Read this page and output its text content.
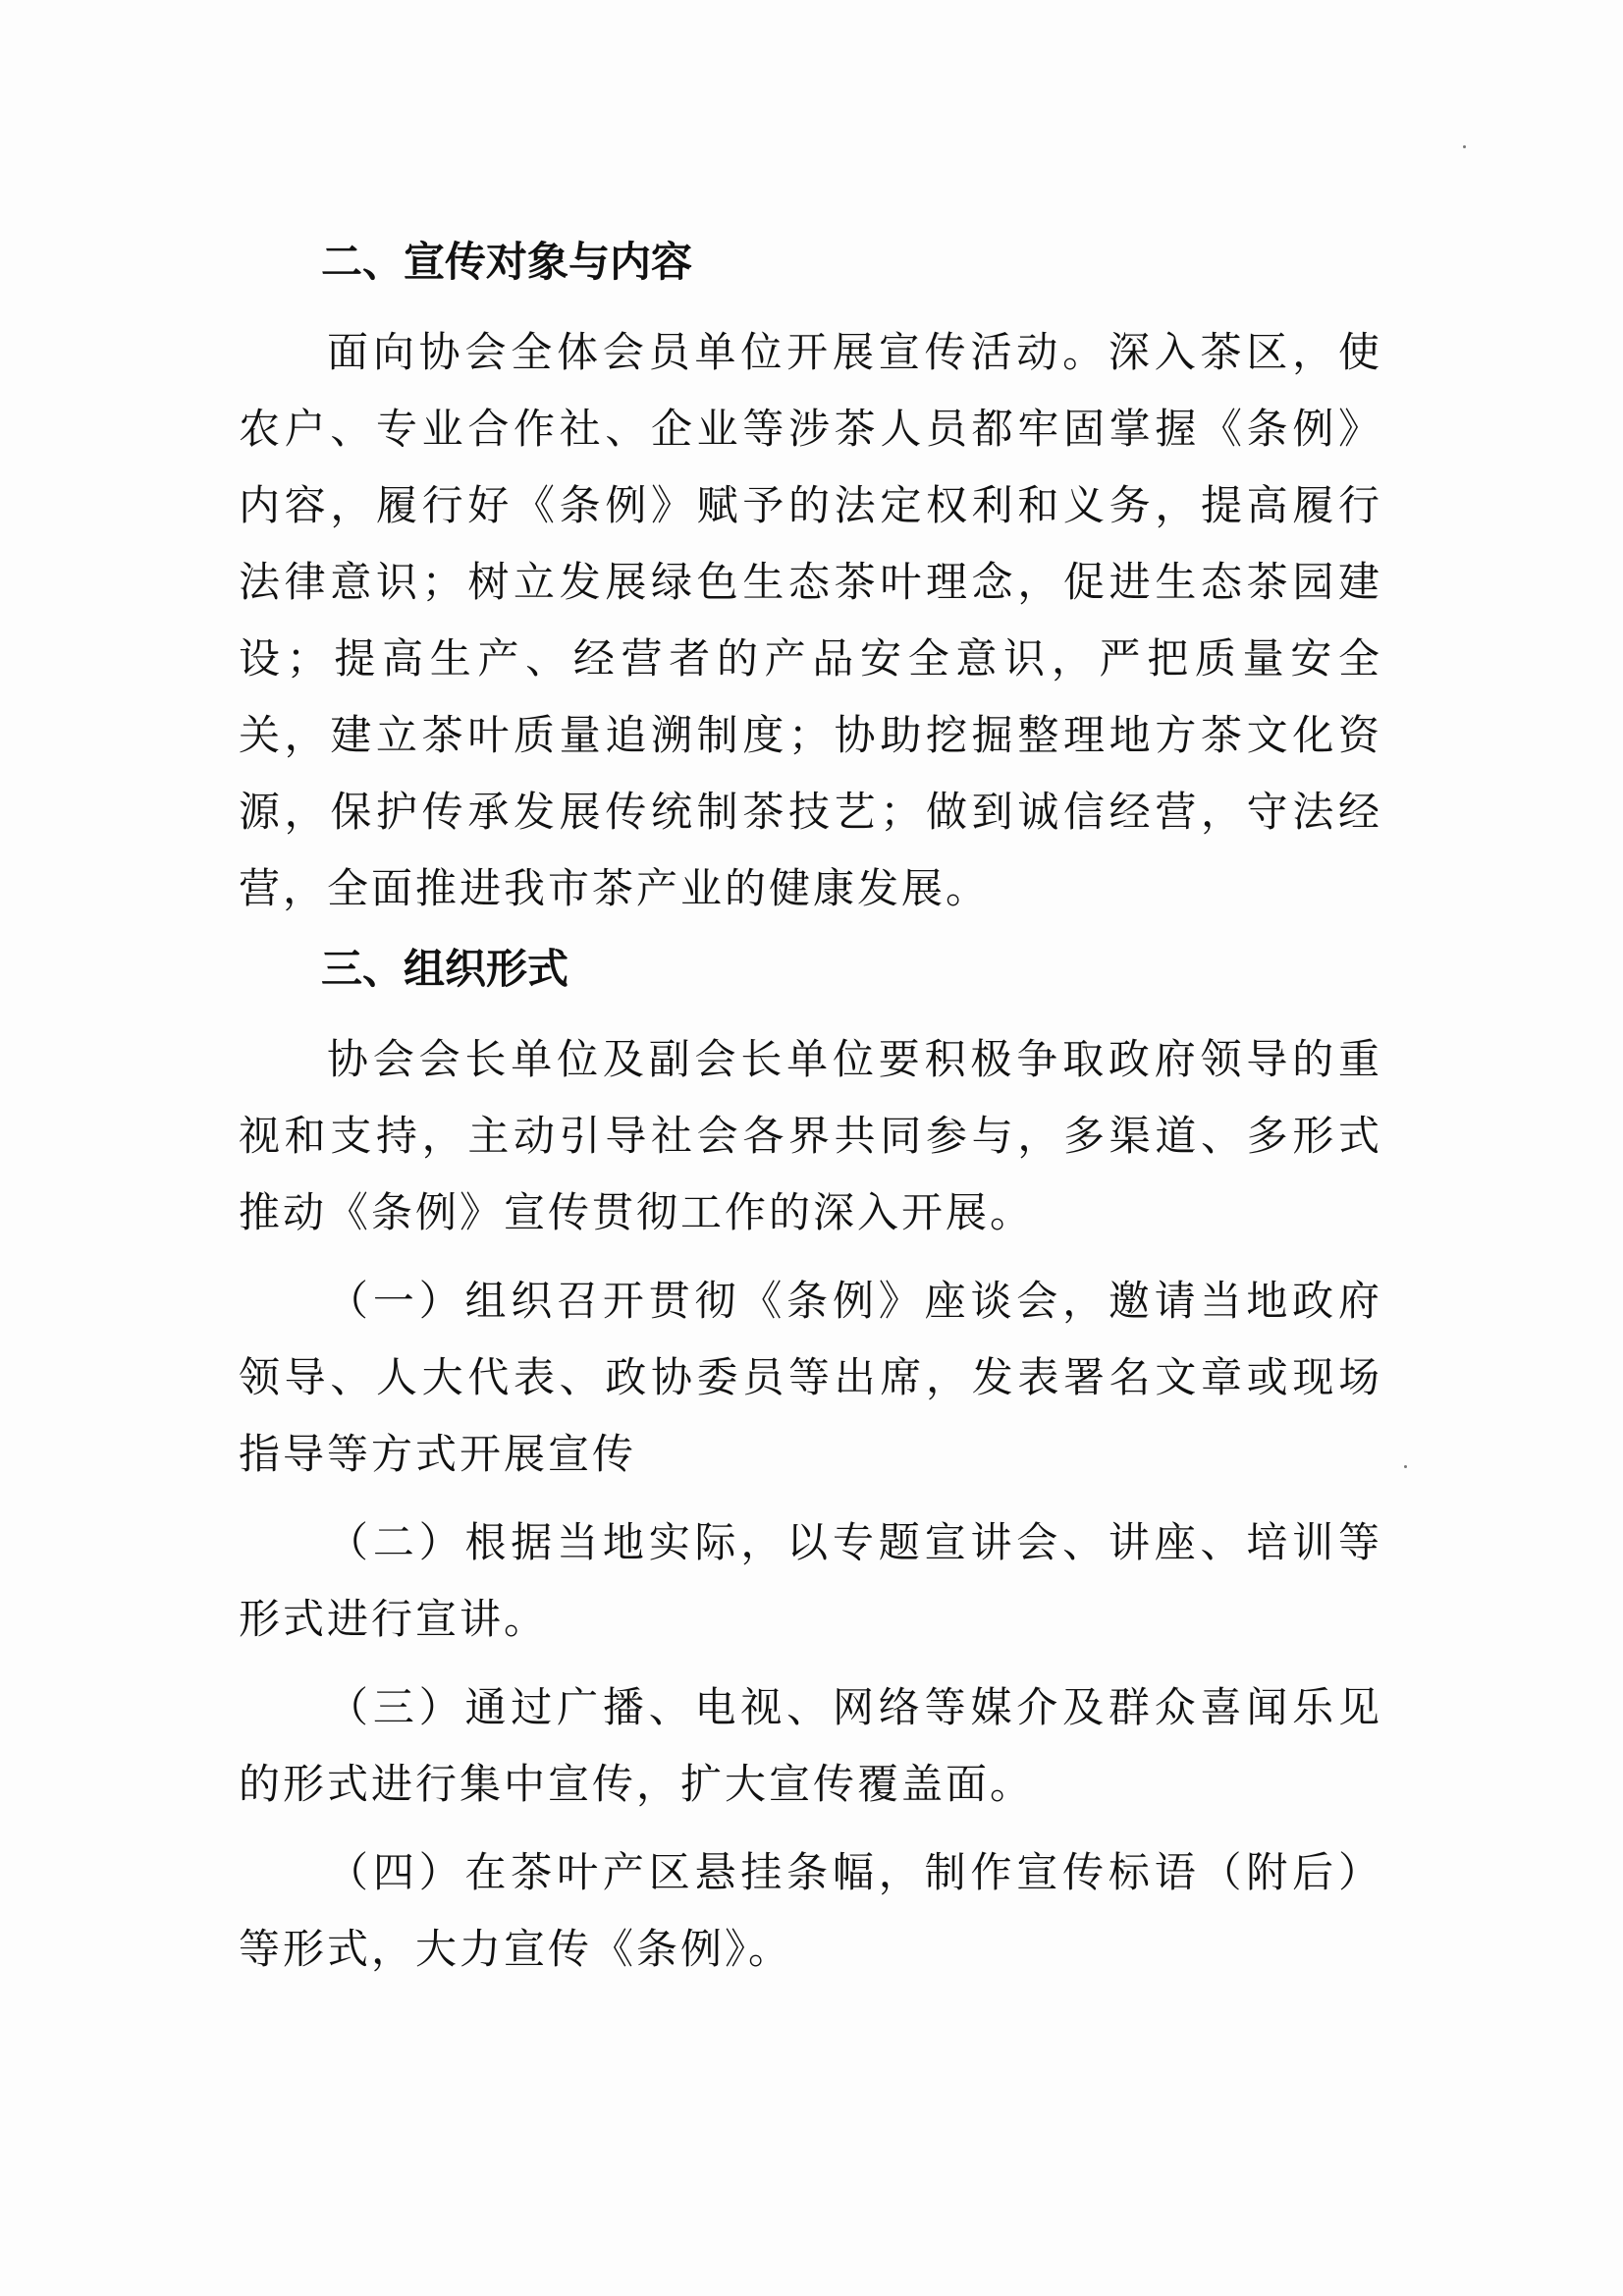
二、宣传对象与内容

面向协会全体会员单位开展宣传活动。深入茶区，使农户、专业合作社、企业等涉茶人员都牢固掌握《条例》内容，履行好《条例》赋予的法定权利和义务，提高履行法律意识；树立发展绿色生态茶叶理念，促进生态茶园建设；提高生产、经营者的产品安全意识，严把质量安全关，建立茶叶质量追溯制度；协助挖掘整理地方茶文化资源，保护传承发展传统制茶技艺；做到诚信经营，守法经营，全面推进我市茶产业的健康发展。

三、组织形式

协会会长单位及副会长单位要积极争取政府领导的重视和支持，主动引导社会各界共同参与，多渠道、多形式推动《条例》宣传贯彻工作的深入开展。

（一）组织召开贯彻《条例》座谈会，邀请当地政府领导、人大代表、政协委员等出席，发表署名文章或现场指导等方式开展宣传

（二）根据当地实际，以专题宣讲会、讲座、培训等形式进行宣讲。

（三）通过广播、电视、网络等媒介及群众喜闻乐见的形式进行集中宣传，扩大宣传覆盖面。

（四）在茶叶产区悬挂条幅，制作宣传标语（附后）等形式，大力宣传《条例》。
